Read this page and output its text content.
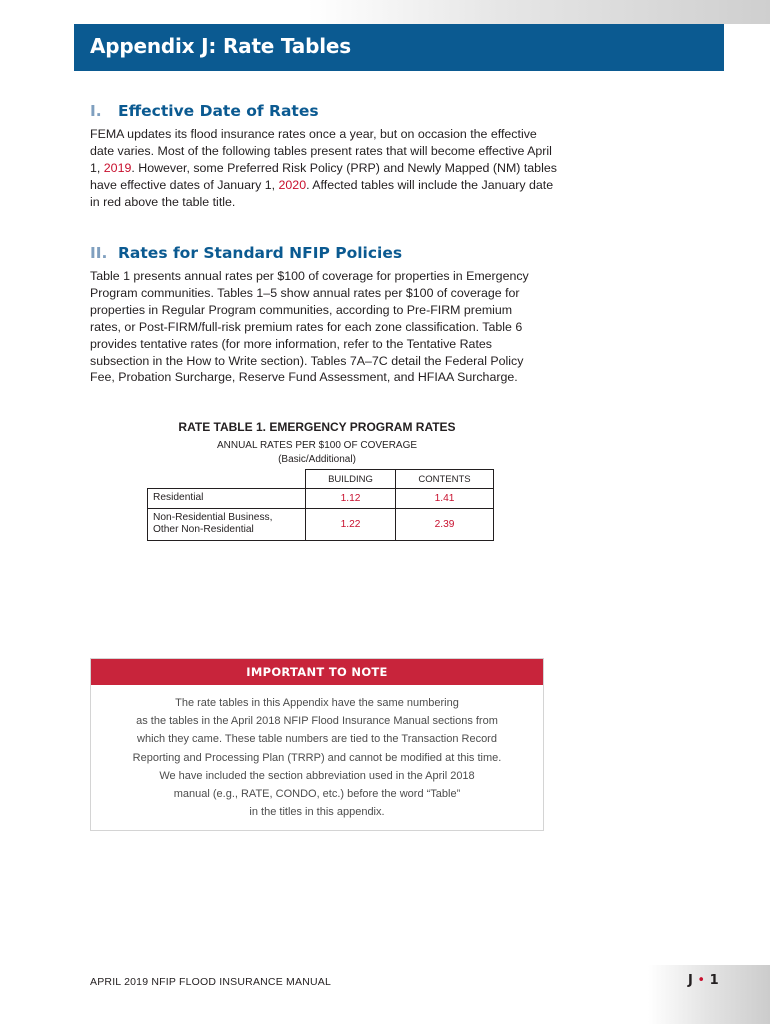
Appendix J: Rate Tables
I. Effective Date of Rates
FEMA updates its flood insurance rates once a year, but on occasion the effective date varies. Most of the following tables present rates that will become effective April 1, 2019. However, some Preferred Risk Policy (PRP) and Newly Mapped (NM) tables have effective dates of January 1, 2020. Affected tables will include the January date in red above the table title.
II. Rates for Standard NFIP Policies
Table 1 presents annual rates per $100 of coverage for properties in Emergency Program communities. Tables 1–5 show annual rates per $100 of coverage for properties in Regular Program communities, according to Pre-FIRM premium rates, or Post-FIRM/full-risk premium rates for each zone classification. Table 6 provides tentative rates (for more information, refer to the Tentative Rates subsection in the How to Write section). Tables 7A–7C detail the Federal Policy Fee, Probation Surcharge, Reserve Fund Assessment, and HFIAA Surcharge.
RATE TABLE 1. EMERGENCY PROGRAM RATES
ANNUAL RATES PER $100 OF COVERAGE
(Basic/Additional)
	BUILDING	CONTENTS
Residential	1.12	1.41
Non-Residential Business,
Other Non-Residential	1.22	2.39
IMPORTANT TO NOTE
The rate tables in this Appendix have the same numbering
as the tables in the April 2018 NFIP Flood Insurance Manual sections from
which they came. These table numbers are tied to the Transaction Record
Reporting and Processing Plan (TRRP) and cannot be modified at this time.
We have included the section abbreviation used in the April 2018
manual (e.g., RATE, CONDO, etc.) before the word “Table”
in the titles in this appendix.
APRIL 2019 NFIP FLOOD INSURANCE MANUAL	J • 1
